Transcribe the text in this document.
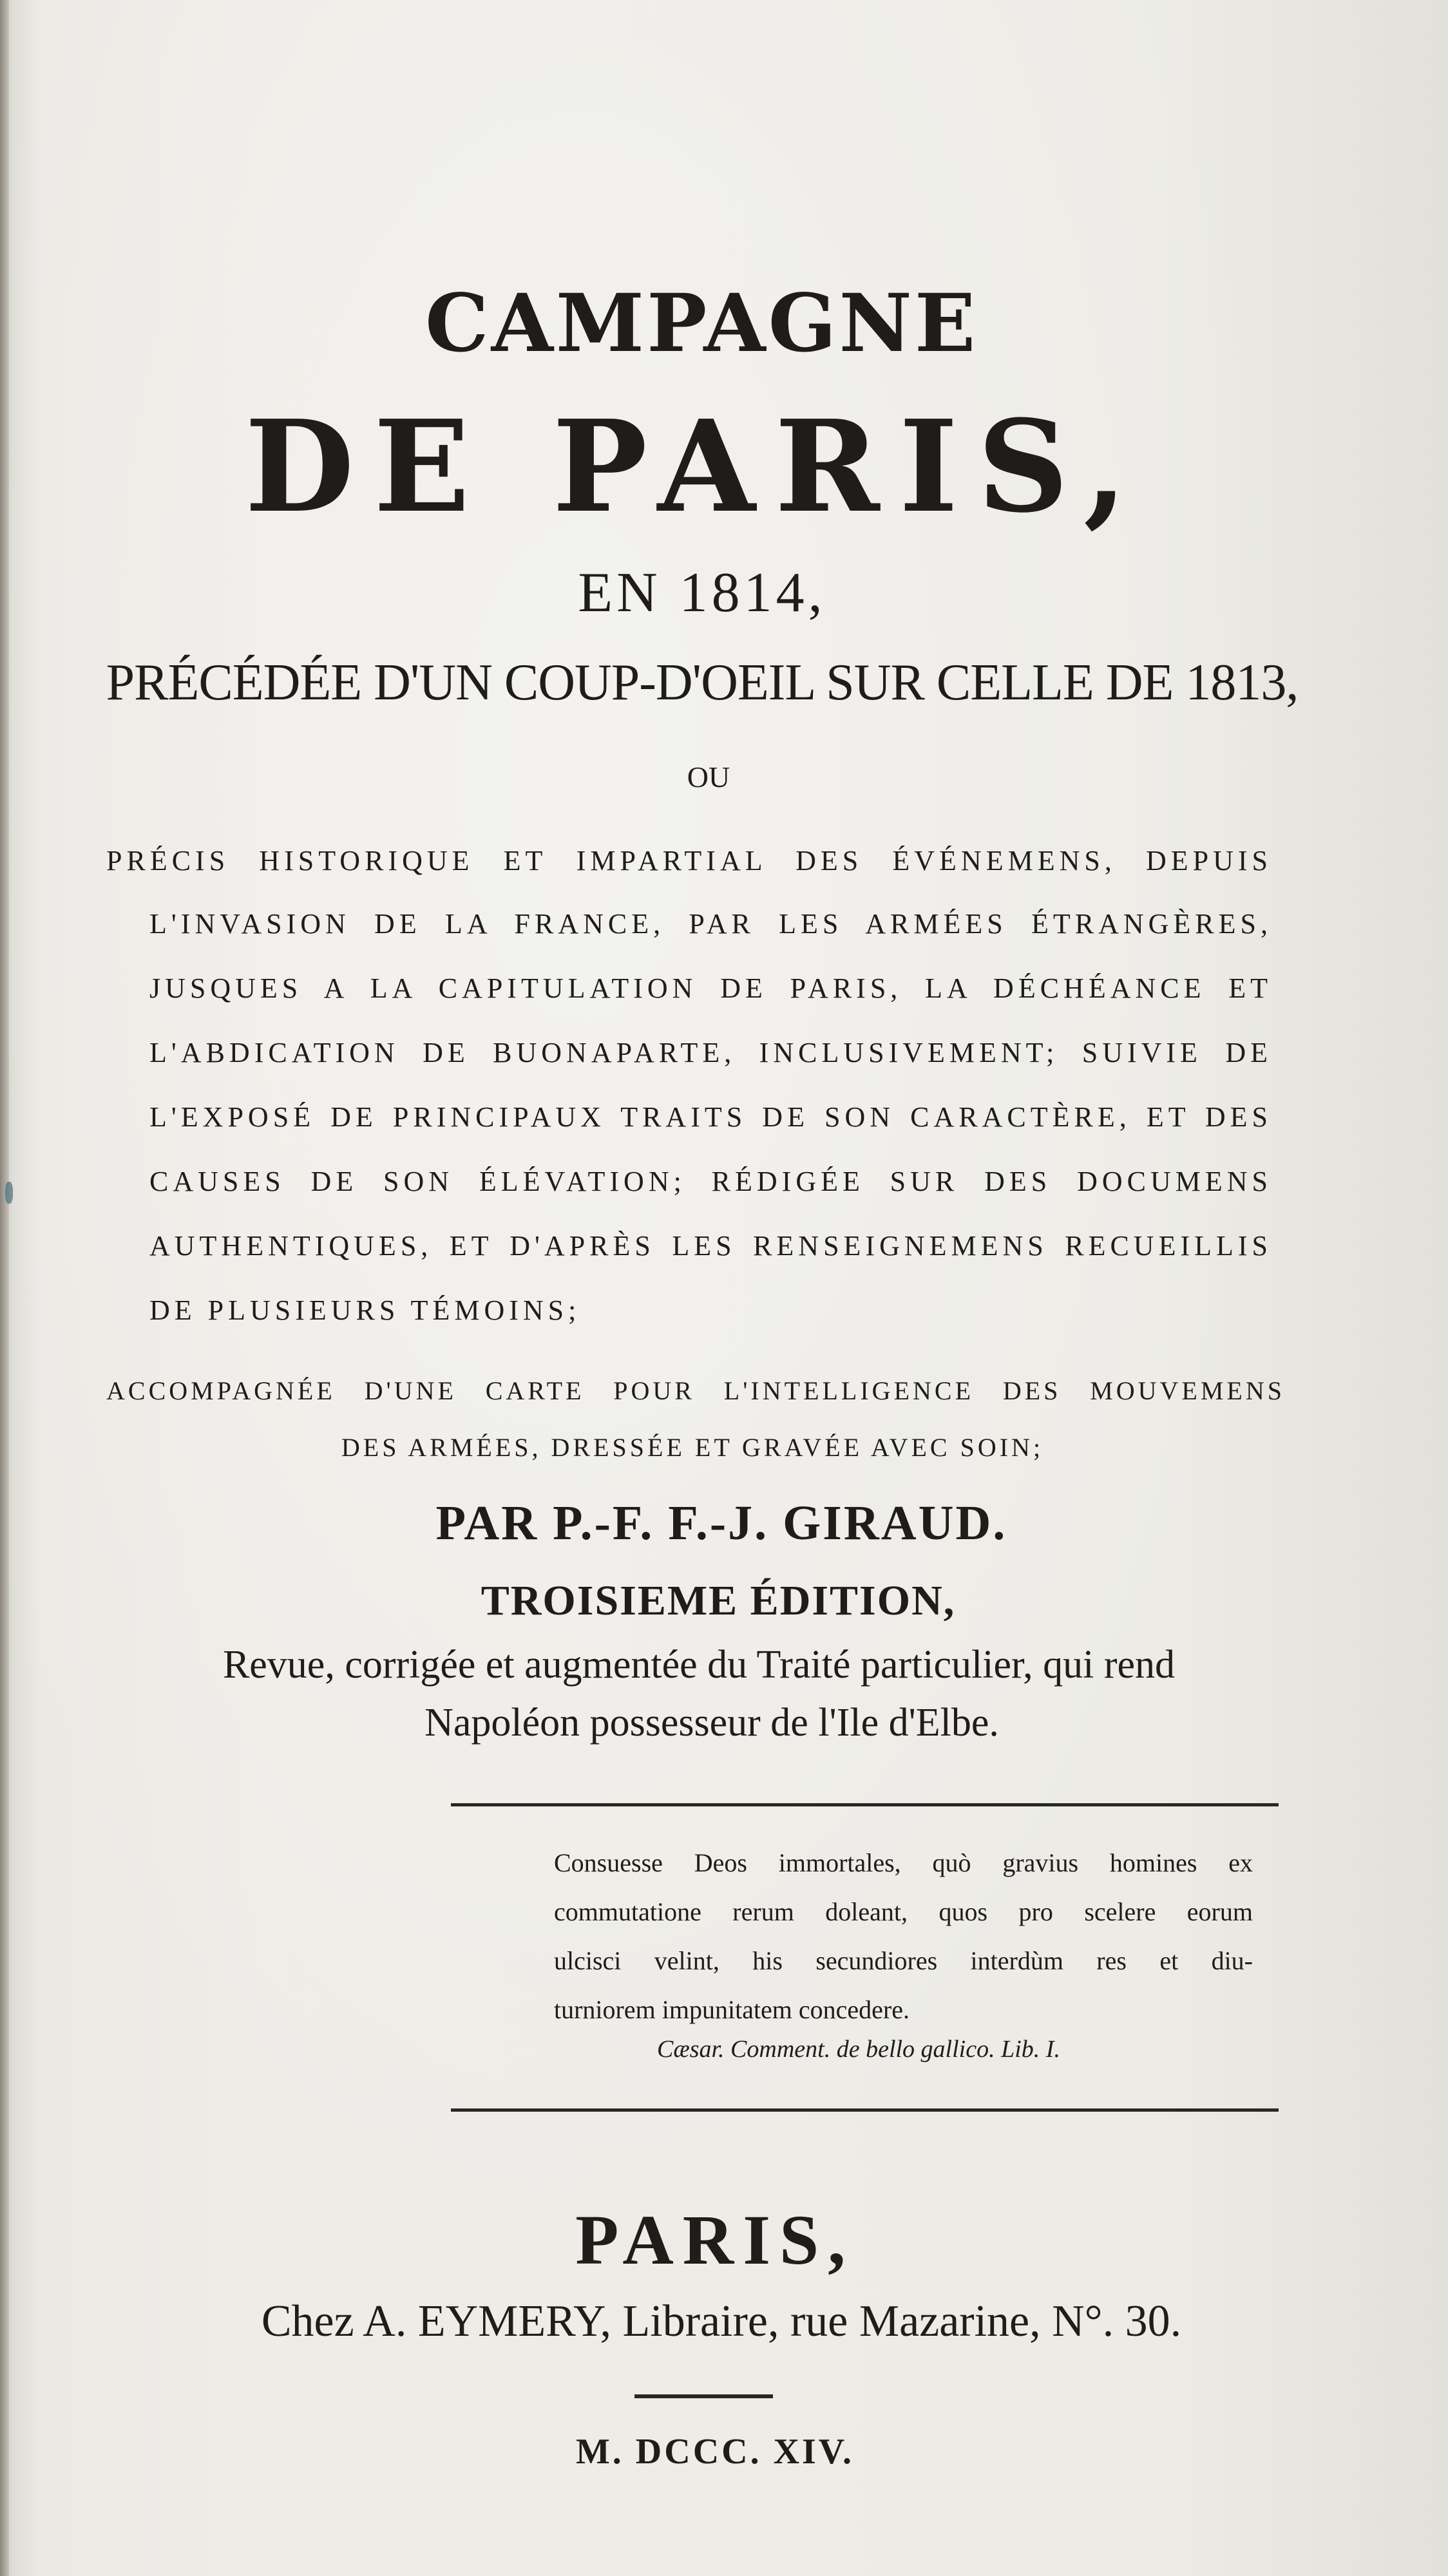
CAMPAGNE

DE PARIS,

EN 1814,

PRÉCÉDÉE D'UN COUP-D'OEIL SUR CELLE DE 1813,

OU

PRÉCIS HISTORIQUE ET IMPARTIAL DES ÉVÉNEMENS, DEPUIS
L'INVASION DE LA FRANCE, PAR LES ARMÉES ÉTRANGÈRES,
JUSQUES A LA CAPITULATION DE PARIS, LA DÉCHÉANCE ET
L'ABDICATION DE BUONAPARTE, INCLUSIVEMENT; SUIVIE DE
L'EXPOSÉ DE PRINCIPAUX TRAITS DE SON CARACTÈRE, ET DES
CAUSES DE SON ÉLÉVATION; RÉDIGÉE SUR DES DOCUMENS
AUTHENTIQUES, ET D'APRÈS LES RENSEIGNEMENS RECUEILLIS
DE PLUSIEURS TÉMOINS;
ACCOMPAGNÉE D'UNE CARTE POUR L'INTELLIGENCE DES MOUVEMENS
DES ARMÉES, DRESSÉE ET GRAVÉE AVEC SOIN;

PAR P.-F. F.-J. GIRAUD.

TROISIEME ÉDITION,

Revue, corrigée et augmentée du Traité particulier, qui rend

Napoléon possesseur de l'Ile d'Elbe.

Consuesse Deos immortales, quò gravius homines ex
commutatione rerum doleant, quos pro scelere eorum
ulcisci velint, his secundiores interdùm res et diu-
turniorem impunitatem concedere.
Cæsar. Comment. de bello gallico. Lib. I.

PARIS,

Chez A. EYMERY, Libraire, rue Mazarine, N°. 30.

M. DCCC. XIV.
